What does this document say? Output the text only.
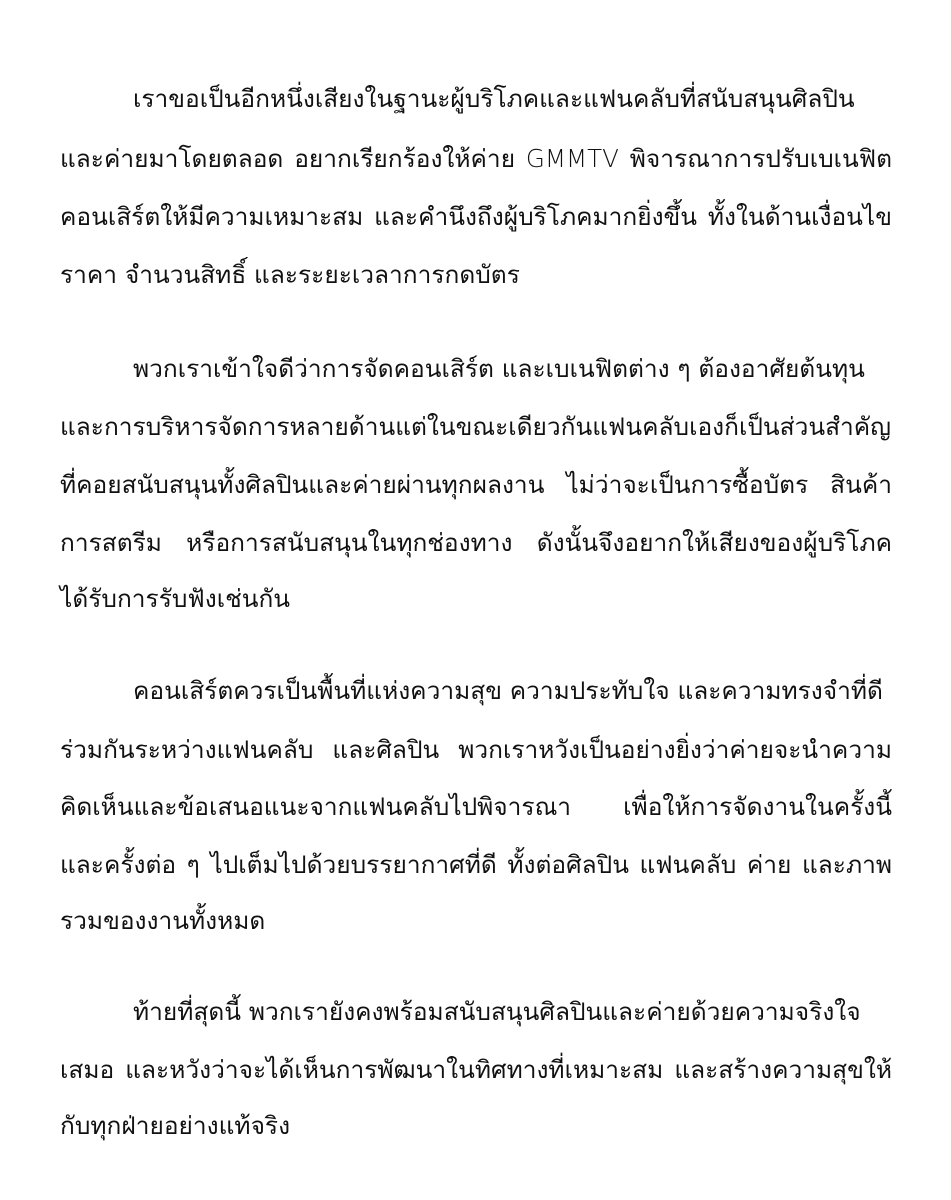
เราขอเป็นอีกหนึ่งเสียงในฐานะผู้บริโภคและแฟนคลับที่สนับสนุนศิลปิน
และค่ายมาโดยตลอด อยากเรียกร้องให้ค่าย GMMTV พิจารณาการปรับเบเนฟิต
คอนเสิร์ตให้มีความเหมาะสม และคำนึงถึงผู้บริโภคมากยิ่งขึ้น ทั้งในด้านเงื่อนไข
ราคา จำนวนสิทธิ์ และระยะเวลาการกดบัตร
พวกเราเข้าใจดีว่าการจัดคอนเสิร์ต และเบเนฟิตต่าง ๆ ต้องอาศัยต้นทุน
และการบริหารจัดการหลายด้านแต่ในขณะเดียวกันแฟนคลับเองก็เป็นส่วนสำคัญ
ที่คอยสนับสนุนทั้งศิลปินและค่ายผ่านทุกผลงาน ไม่ว่าจะเป็นการซื้อบัตร สินค้า
การสตรีม หรือการสนับสนุนในทุกช่องทาง ดังนั้นจึงอยากให้เสียงของผู้บริโภค
ได้รับการรับฟังเช่นกัน
คอนเสิร์ตควรเป็นพื้นที่แห่งความสุข ความประทับใจ และความทรงจำที่ดี
ร่วมกันระหว่างแฟนคลับ และศิลปิน พวกเราหวังเป็นอย่างยิ่งว่าค่ายจะนำความ
คิดเห็นและข้อเสนอแนะจากแฟนคลับไปพิจารณา เพื่อให้การจัดงานในครั้งนี้
และครั้งต่อ ๆ ไปเต็มไปด้วยบรรยากาศที่ดี ทั้งต่อศิลปิน แฟนคลับ ค่าย และภาพ
รวมของงานทั้งหมด
ท้ายที่สุดนี้ พวกเรายังคงพร้อมสนับสนุนศิลปินและค่ายด้วยความจริงใจ
เสมอ และหวังว่าจะได้เห็นการพัฒนาในทิศทางที่เหมาะสม และสร้างความสุขให้
กับทุกฝ่ายอย่างแท้จริง
